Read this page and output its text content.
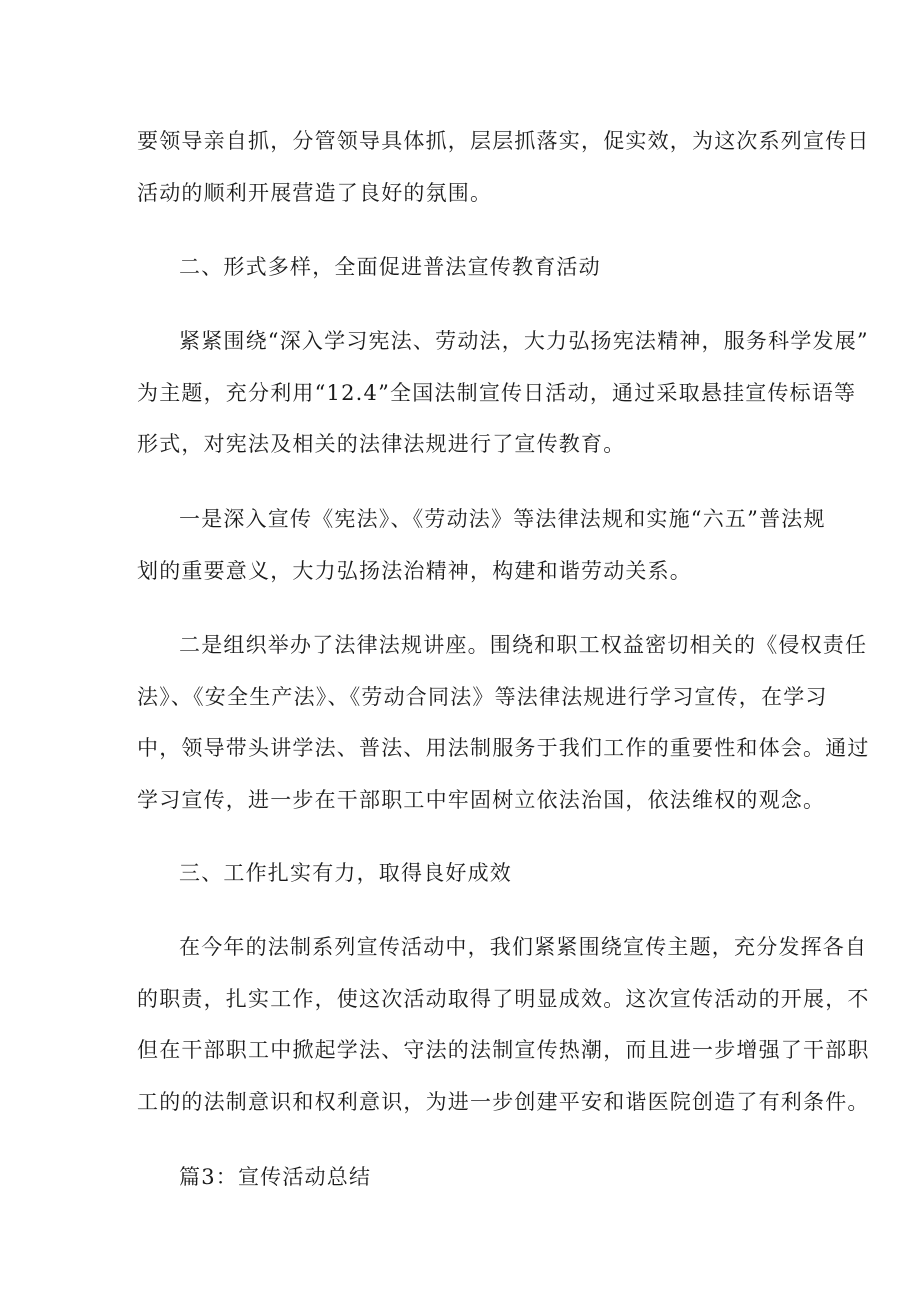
要领导亲自抓，分管领导具体抓，层层抓落实，促实效，为这次系列宣传日
活动的顺利开展营造了良好的氛围。

二、形式多样，全面促进普法宣传教育活动

紧紧围绕“深入学习宪法、劳动法，大力弘扬宪法精神，服务科学发展”
为主题，充分利用“12.4”全国法制宣传日活动，通过采取悬挂宣传标语等
形式，对宪法及相关的法律法规进行了宣传教育。

一是深入宣传《宪法》、《劳动法》等法律法规和实施“六五”普法规
划的重要意义，大力弘扬法治精神，构建和谐劳动关系。

二是组织举办了法律法规讲座。围绕和职工权益密切相关的《侵权责任
法》、《安全生产法》、《劳动合同法》等法律法规进行学习宣传，在学习
中，领导带头讲学法、普法、用法制服务于我们工作的重要性和体会。通过
学习宣传，进一步在干部职工中牢固树立依法治国，依法维权的观念。

三、工作扎实有力，取得良好成效

在今年的法制系列宣传活动中，我们紧紧围绕宣传主题，充分发挥各自
的职责，扎实工作，使这次活动取得了明显成效。这次宣传活动的开展，不
但在干部职工中掀起学法、守法的法制宣传热潮，而且进一步增强了干部职
工的的法制意识和权利意识，为进一步创建平安和谐医院创造了有利条件。

篇3：宣传活动总结
